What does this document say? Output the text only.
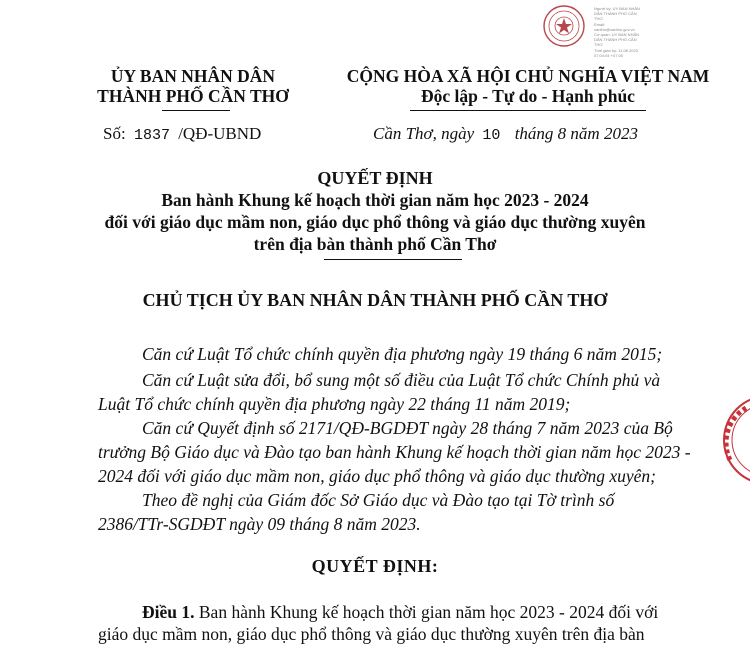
Người ký: UY BAN NHÂN
DÂN THÀNH PHỐ CẦN
THƠ
Email:
cantho@cantho.gov.vn
Cơ quan: UY BAN NHÂN
DÂN THÀNH PHỐ CẦN
THƠ
Thời gian ký: 11.08.2023
07:04:04 +07:00
ỦY BAN NHÂN DÂN
THÀNH PHỐ CẦN THƠ
Số: 1837 /QĐ-UBND
CỘNG HÒA XÃ HỘI CHỦ NGHĨA VIỆT NAM
Độc lập - Tự do - Hạnh phúc
Cần Thơ, ngày 10 tháng 8 năm 2023
QUYẾT ĐỊNH
Ban hành Khung kế hoạch thời gian năm học 2023 - 2024
đối với giáo dục mầm non, giáo dục phổ thông và giáo dục thường xuyên
trên địa bàn thành phố Cần Thơ
CHỦ TỊCH ỦY BAN NHÂN DÂN THÀNH PHỐ CẦN THƠ
Căn cứ Luật Tổ chức chính quyền địa phương ngày 19 tháng 6 năm 2015;
Căn cứ Luật sửa đổi, bổ sung một số điều của Luật Tổ chức Chính phủ và
Luật Tổ chức chính quyền địa phương ngày 22 tháng 11 năm 2019;
Căn cứ Quyết định số 2171/QĐ-BGDĐT ngày 28 tháng 7 năm 2023 của Bộ
trưởng Bộ Giáo dục và Đào tạo ban hành Khung kế hoạch thời gian năm học 2023 -
2024 đối với giáo dục mầm non, giáo dục phổ thông và giáo dục thường xuyên;
Theo đề nghị của Giám đốc Sở Giáo dục và Đào tạo tại Tờ trình số
2386/TTr-SGDĐT ngày 09 tháng 8 năm 2023.
QUYẾT ĐỊNH:
Điều 1. Ban hành Khung kế hoạch thời gian năm học 2023 - 2024 đối với
giáo dục mầm non, giáo dục phổ thông và giáo dục thường xuyên trên địa bàn
